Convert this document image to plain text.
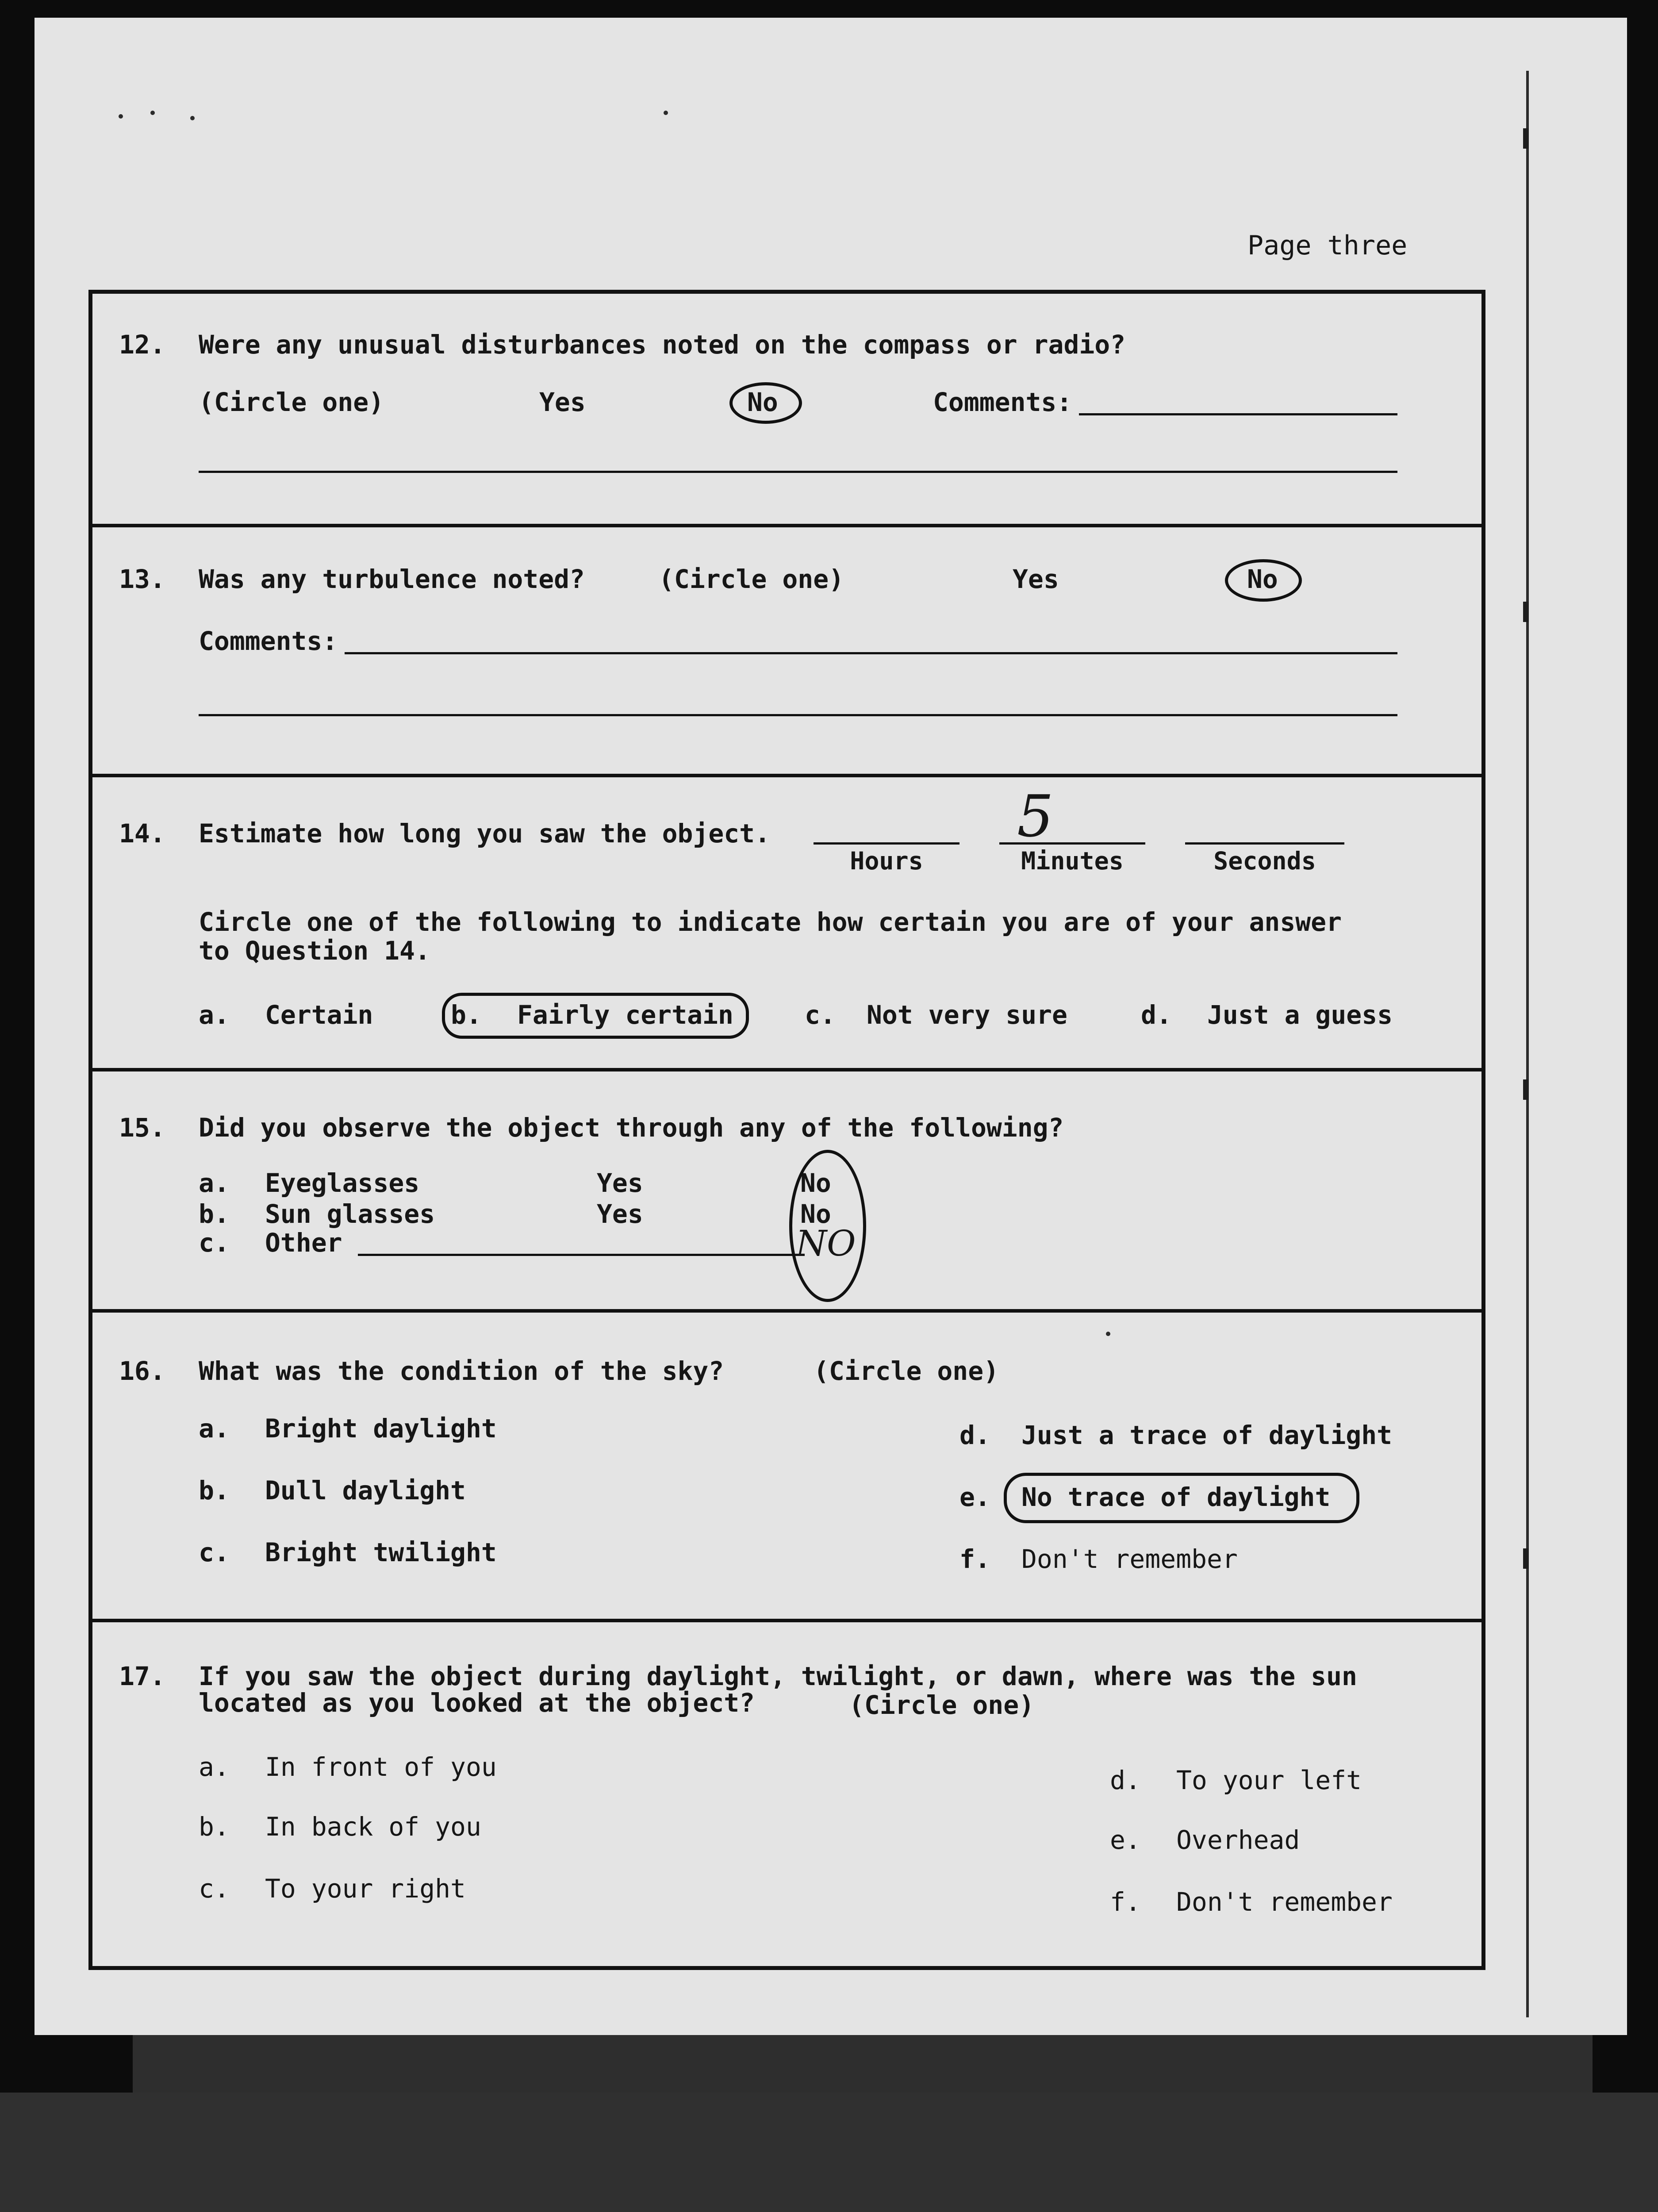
Page three
12. Were any unusual disturbances noted on the compass or radio?
(Circle one)	Yes	No	Comments:
13. Was any turbulence noted?	(Circle one)	Yes	No
Comments:
14. Estimate how long you saw the object.	5
Hours	Minutes	Seconds
Circle one of the following to indicate how certain you are of your answer
to Question 14.
a. Certain	b. Fairly certain	c. Not very sure	d. Just a guess
15. Did you observe the object through any of the following?
a. Eyeglasses	Yes	No
b. Sun glasses	Yes	No
c. Other	NO
16. What was the condition of the sky?	(Circle one)
a. Bright daylight
b. Dull daylight
c. Bright twilight
d. Just a trace of daylight
e. No trace of daylight
f. Don't remember
17. If you saw the object during daylight, twilight, or dawn, where was the sun
located as you looked at the object?	(Circle one)
a. In front of you
b. In back of you
c. To your right
d. To your left
e. Overhead
f. Don't remember
